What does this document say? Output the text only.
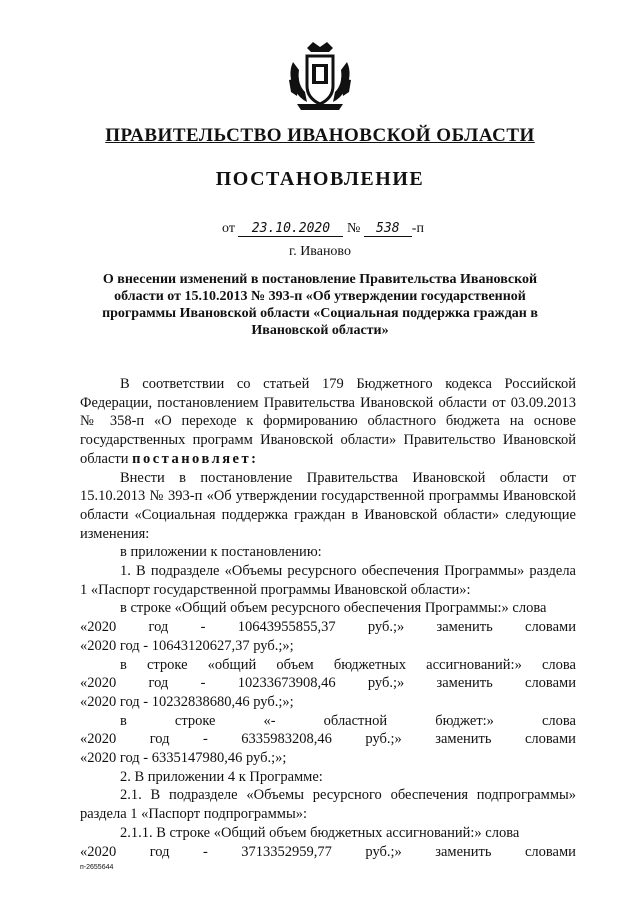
ПРАВИТЕЛЬСТВО ИВАНОВСКОЙ ОБЛАСТИ
ПОСТАНОВЛЕНИЕ
от 23.10.2020 № 538 -п
г. Иваново
О внесении изменений в постановление Правительства Ивановской области от 15.10.2013 № 393-п «Об утверждении государственной программы Ивановской области «Социальная поддержка граждан в Ивановской области»

В соответствии со статьей 179 Бюджетного кодекса Российской Федерации, постановлением Правительства Ивановской области от 03.09.2013 № 358-п «О переходе к формированию областного бюджета на основе государственных программ Ивановской области» Правительство Ивановской области постановляет:

Внести в постановление Правительства Ивановской области от 15.10.2013 № 393-п «Об утверждении государственной программы Ивановской области «Социальная поддержка граждан в Ивановской области» следующие изменения:

в приложении к постановлению:

1. В подразделе «Объемы ресурсного обеспечения Программы» раздела 1 «Паспорт государственной программы Ивановской области»:

в строке «Общий объем ресурсного обеспечения Программы:» слова

«2020 год - 10643955855,37 руб.;» заменить словами

«2020 год - 10643120627,37 руб.;»;

в строке «общий объем бюджетных ассигнований:» слова
«2020 год - 10233673908,46 руб.;» заменить словами

«2020 год - 10232838680,46 руб.;»;

в	строке	«-	областной	бюджет:»	слова
«2020 год - 6335983208,46 руб.;» заменить словами

«2020 год - 6335147980,46 руб.;»;

2. В приложении 4 к Программе:

2.1. В подразделе «Объемы ресурсного обеспечения подпрограммы» раздела 1 «Паспорт подпрограммы»:

2.1.1. В строке «Общий объем бюджетных ассигнований:» слова

«2020 год - 3713352959,77 руб.;» заменить словами
п-2655644
